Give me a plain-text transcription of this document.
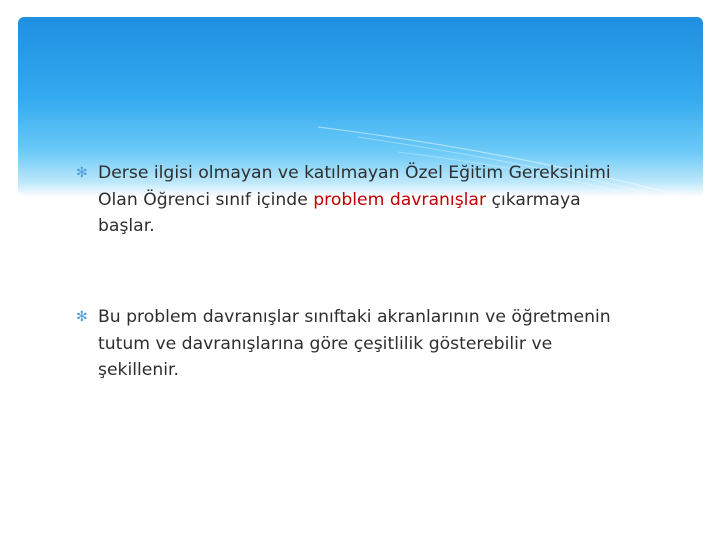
✻ Derse ilgisi olmayan ve katılmayan Özel Eğitim Gereksinimi Olan Öğrenci sınıf içinde problem davranışlar çıkarmaya başlar.
✻ Bu problem davranışlar sınıftaki akranlarının ve öğretmenin tutum ve davranışlarına göre çeşitlilik gösterebilir ve şekillenir.
